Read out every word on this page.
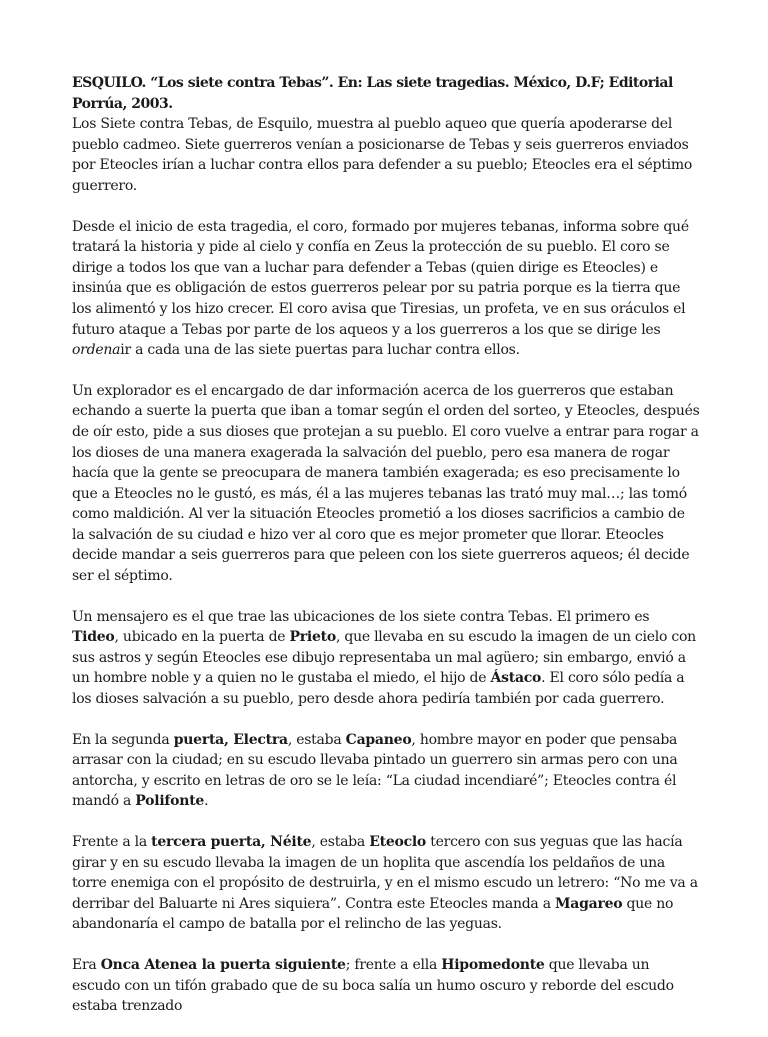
ESQUILO. “Los siete contra Tebas”. En: Las siete tragedias. México, D.F; Editorial Porrúa, 2003.

Los Siete contra Tebas, de Esquilo, muestra al pueblo aqueo que quería apoderarse del pueblo cadmeo. Siete guerreros venían a posicionarse de Tebas y seis guerreros enviados por Eteocles irían a luchar contra ellos para defender a su pueblo; Eteocles era el séptimo guerrero.

Desde el inicio de esta tragedia, el coro, formado por mujeres tebanas, informa sobre qué tratará la historia y pide al cielo y confía en Zeus la protección de su pueblo. El coro se dirige a todos los que van a luchar para defender a Tebas (quien dirige es Eteocles) e insinúa que es obligación de estos guerreros pelear por su patria porque es la tierra que los alimentó y los hizo crecer. El coro avisa que Tiresias, un profeta, ve en sus oráculos el futuro ataque a Tebas por parte de los aqueos y a los guerreros a los que se dirige les ordenair a cada una de las siete puertas para luchar contra ellos.

Un explorador es el encargado de dar información acerca de los guerreros que estaban echando a suerte la puerta que iban a tomar según el orden del sorteo, y Eteocles, después de oír esto, pide a sus dioses que protejan a su pueblo. El coro vuelve a entrar para rogar a los dioses de una manera exagerada la salvación del pueblo, pero esa manera de rogar hacía que la gente se preocupara de manera también exagerada; es eso precisamente lo que a Eteocles no le gustó, es más, él a las mujeres tebanas las trató muy mal…; las tomó como maldición. Al ver la situación Eteocles prometió a los dioses sacrificios a cambio de la salvación de su ciudad e hizo ver al coro que es mejor prometer que llorar. Eteocles decide mandar a seis guerreros para que peleen con los siete guerreros aqueos; él decide ser el séptimo.

Un mensajero es el que trae las ubicaciones de los siete contra Tebas. El primero es Tideo, ubicado en la puerta de Prieto, que llevaba en su escudo la imagen de un cielo con sus astros y según Eteocles ese dibujo representaba un mal agüero; sin embargo, envió a un hombre noble y a quien no le gustaba el miedo, el hijo de Ástaco. El coro sólo pedía a los dioses salvación a su pueblo, pero desde ahora pediría también por cada guerrero.

En la segunda puerta, Electra, estaba Capaneo, hombre mayor en poder que pensaba arrasar con la ciudad; en su escudo llevaba pintado un guerrero sin armas pero con una antorcha, y escrito en letras de oro se le leía: “La ciudad incendiaré”; Eteocles contra él mandó a Polifonte.

Frente a la tercera puerta, Néite, estaba Eteoclo tercero con sus yeguas que las hacía girar y en su escudo llevaba la imagen de un hoplita que ascendía los peldaños de una torre enemiga con el propósito de destruirla, y en el mismo escudo un letrero: “No me va a derribar del Baluarte ni Ares siquiera”. Contra este Eteocles manda a Magareo que no abandonaría el campo de batalla por el relincho de las yeguas.

Era Onca Atenea la puerta siguiente; frente a ella Hipomedonte que llevaba un escudo con un tifón grabado que de su boca salía un humo oscuro y reborde del escudo estaba trenzado
